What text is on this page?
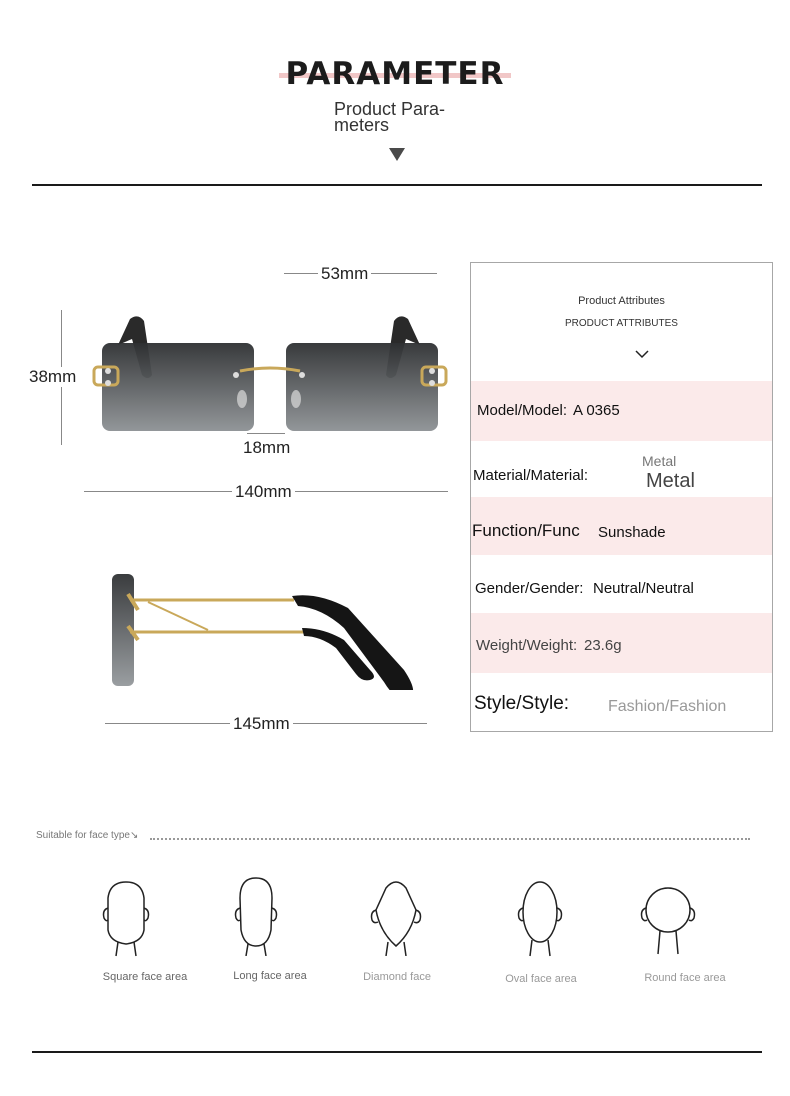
PARAMETER
Product Para-
meters
53mm
38mm
18mm
140mm
145mm
Product Attributes
PRODUCT ATTRIBUTES
Model/Model: A 0365
Metal
Material/Material:	Metal
Function/Func Sunshade
Gender/Gender: Neutral/Neutral
Weight/Weight: 23.6g
Style/Style: Fashion/Fashion
Suitable for face type↘
Square face area	Long face area	Diamond face	Oval face area	Round face area
